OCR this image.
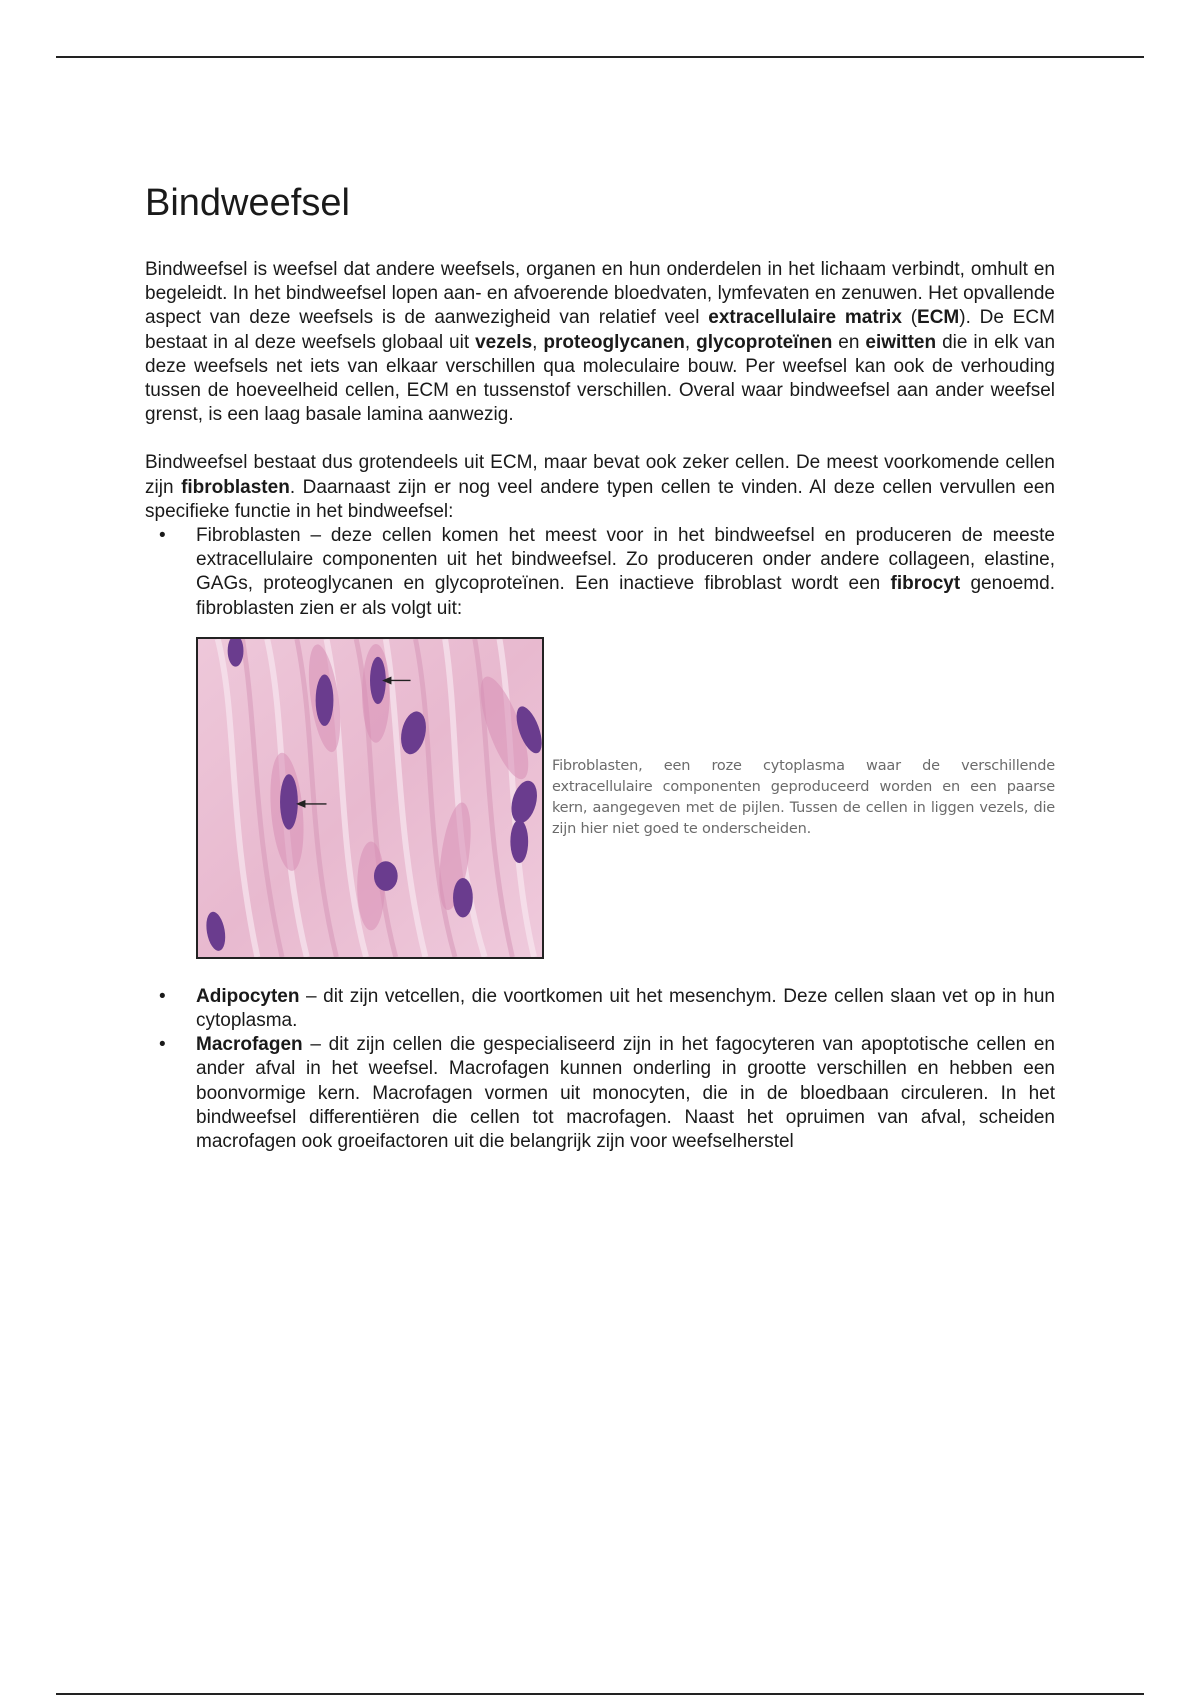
Bindweefsel

Bindweefsel is weefsel dat andere weefsels, organen en hun onderdelen in het lichaam verbindt, omhult en begeleidt. In het bindweefsel lopen aan- en afvoerende bloedvaten, lymfevaten en zenuwen. Het opvallende aspect van deze weefsels is de aanwezigheid van relatief veel extracellulaire matrix (ECM). De ECM bestaat in al deze weefsels globaal uit vezels, proteoglycanen, glycoproteïnen en eiwitten die in elk van deze weefsels net iets van elkaar verschillen qua moleculaire bouw. Per weefsel kan ook de verhouding tussen de hoeveelheid cellen, ECM en tussenstof verschillen. Overal waar bindweefsel aan ander weefsel grenst, is een laag basale lamina aanwezig.

Bindweefsel bestaat dus grotendeels uit ECM, maar bevat ook zeker cellen. De meest voorkomende cellen zijn fibroblasten. Daarnaast zijn er nog veel andere typen cellen te vinden. Al deze cellen vervullen een specifieke functie in het bindweefsel:

• Fibroblasten – deze cellen komen het meest voor in het bindweefsel en produceren de meeste extracellulaire componenten uit het bindweefsel. Zo produceren onder andere collageen, elastine, GAGs, proteoglycanen en glycoproteïnen. Een inactieve fibroblast wordt een fibrocyt genoemd. fibroblasten zien er als volgt uit:
Fibroblasten, een roze cytoplasma waar de verschillende extracellulaire componenten geproduceerd worden en een paarse kern, aangegeven met de pijlen. Tussen de cellen in liggen vezels, die zijn hier niet goed te onderscheiden.
• Adipocyten – dit zijn vetcellen, die voortkomen uit het mesenchym. Deze cellen slaan vet op in hun cytoplasma.
• Macrofagen – dit zijn cellen die gespecialiseerd zijn in het fagocyteren van apoptotische cellen en ander afval in het weefsel. Macrofagen kunnen onderling in grootte verschillen en hebben een boonvormige kern. Macrofagen vormen uit monocyten, die in de bloedbaan circuleren. In het bindweefsel differentiëren die cellen tot macrofagen. Naast het opruimen van afval, scheiden macrofagen ook groeifactoren uit die belangrijk zijn voor weefselherstel
